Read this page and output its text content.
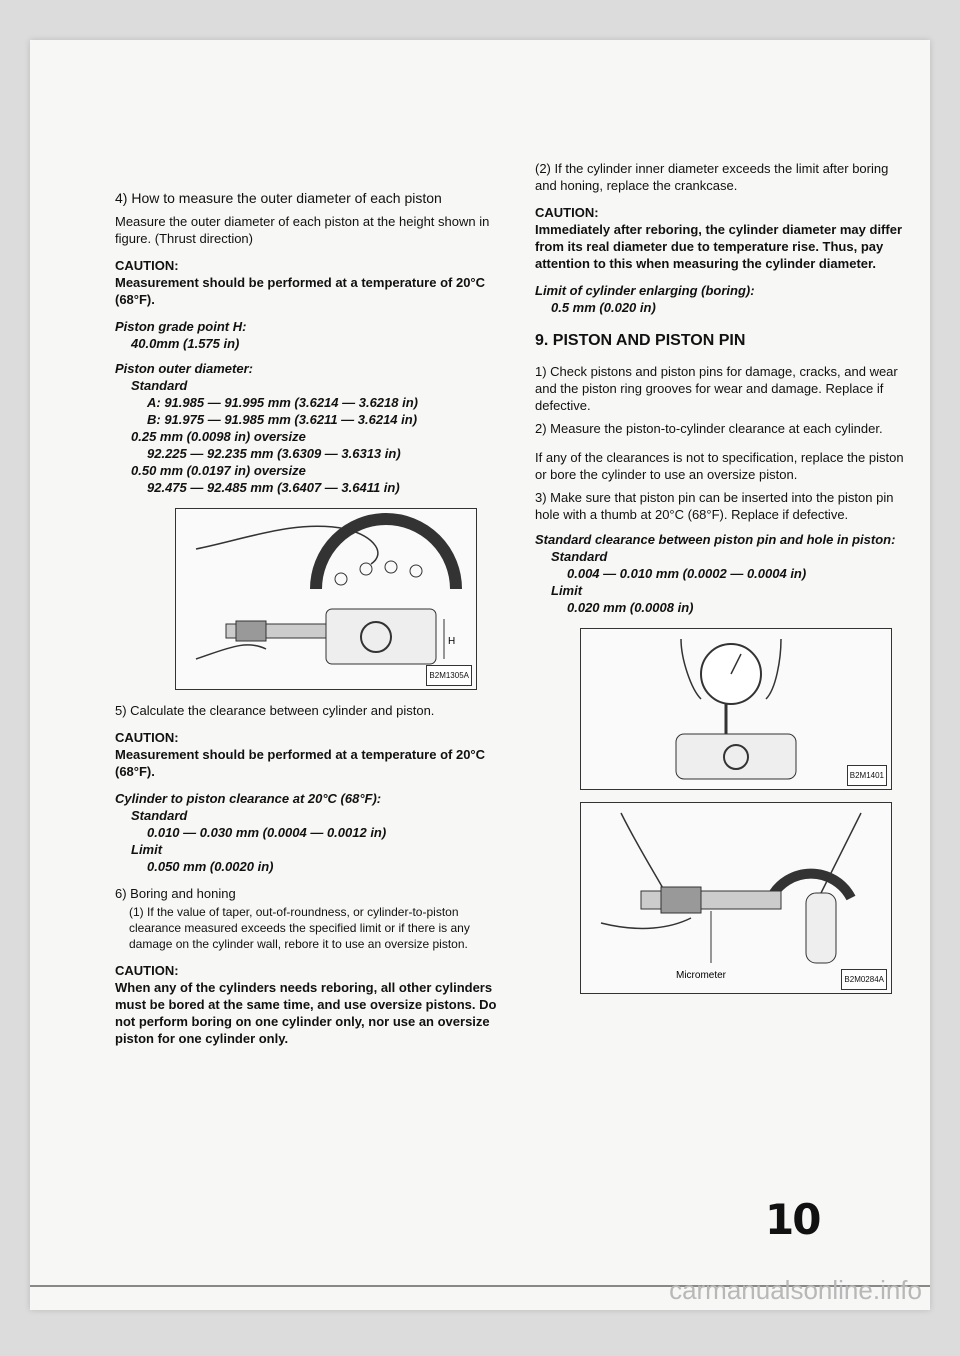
4) How to measure the outer diameter of each piston

Measure the outer diameter of each piston at the height shown in figure. (Thrust direction)

CAUTION:
Measurement should be performed at a temperature of 20°C (68°F).
Piston grade point H:
40.0mm (1.575 in)
Piston outer diameter:
Standard
A: 91.985 — 91.995 mm (3.6214 — 3.6218 in)
B: 91.975 — 91.985 mm (3.6211 — 3.6214 in)
0.25 mm (0.0098 in) oversize
92.225 — 92.235 mm (3.6309 — 3.6313 in)
0.50 mm (0.0197 in) oversize
92.475 — 92.485 mm (3.6407 — 3.6411 in)
H
B2M1305A

5) Calculate the clearance between cylinder and piston.

CAUTION:
Measurement should be performed at a temperature of 20°C (68°F).
Cylinder to piston clearance at 20°C (68°F):
Standard
0.010 — 0.030 mm (0.0004 — 0.0012 in)
Limit
0.050 mm (0.0020 in)

6) Boring and honing

(1) If the value of taper, out-of-roundness, or cylinder-to-piston clearance measured exceeds the specified limit or if there is any damage on the cylinder wall, rebore it to use an oversize piston.
CAUTION:
When any of the cylinders needs reboring, all other cylinders must be bored at the same time, and use oversize pistons. Do not perform boring on one cylinder only, nor use an oversize piston for one cylinder only.

(2) If the cylinder inner diameter exceeds the limit after boring and honing, replace the crankcase.

CAUTION:
Immediately after reboring, the cylinder diameter may differ from its real diameter due to temperature rise. Thus, pay attention to this when measuring the cylinder diameter.
Limit of cylinder enlarging (boring):
0.5 mm (0.020 in)
9. PISTON AND PISTON PIN

1) Check pistons and piston pins for damage, cracks, and wear and the piston ring grooves for wear and damage. Replace if defective.

2) Measure the piston-to-cylinder clearance at each cylinder.

If any of the clearances is not to specification, replace the piston or bore the cylinder to use an oversize piston.

3) Make sure that piston pin can be inserted into the piston pin hole with a thumb at 20°C (68°F). Replace if defective.

Standard clearance between piston pin and hole in piston:
Standard
0.004 — 0.010 mm (0.0002 — 0.0004 in)
Limit
0.020 mm (0.0008 in)
B2M1401
Micrometer	B2M0284A
10
carmanualsonline.info
